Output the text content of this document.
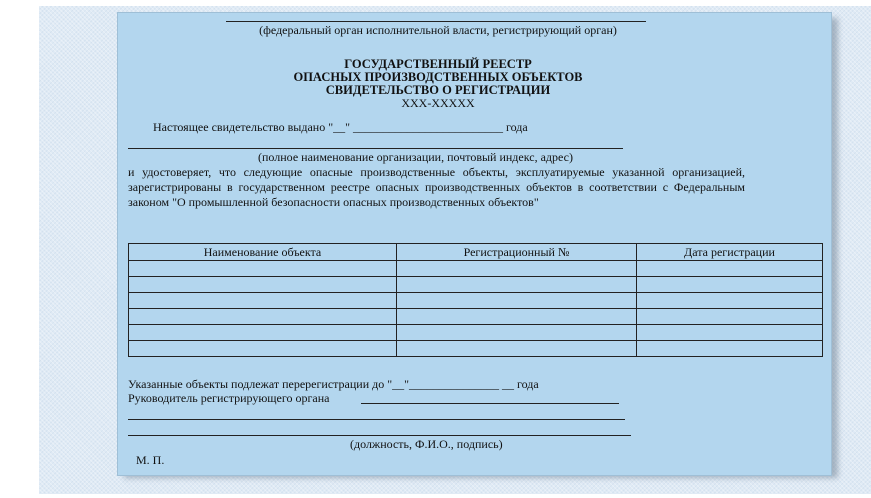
(федеральный орган исполнительной власти, регистрирующий орган)
ГОСУДАРСТВЕННЫЙ РЕЕСТР
ОПАСНЫХ ПРОИЗВОДСТВЕННЫХ ОБЪЕКТОВ
СВИДЕТЕЛЬСТВО О РЕГИСТРАЦИИ
ХХХ-ХХХХХ
Настоящее свидетельство выдано "__" _________________________ года
(полное наименование организации, почтовый индекс, адрес)
и удостоверяет, что следующие опасные производственные объекты, эксплуатируемые указанной организацией, зарегистрированы в государственном реестре опасных производственных объектов в соответствии с Федеральным законом "О промышленной безопасности опасных производственных объектов"
Наименование объекта	Регистрационный №	Дата регистрации

Указанные объекты подлежат перерегистрации до "__"_______________ __ года
Руководитель регистрирующего органа
(должность, Ф.И.О., подпись)
М. П.
